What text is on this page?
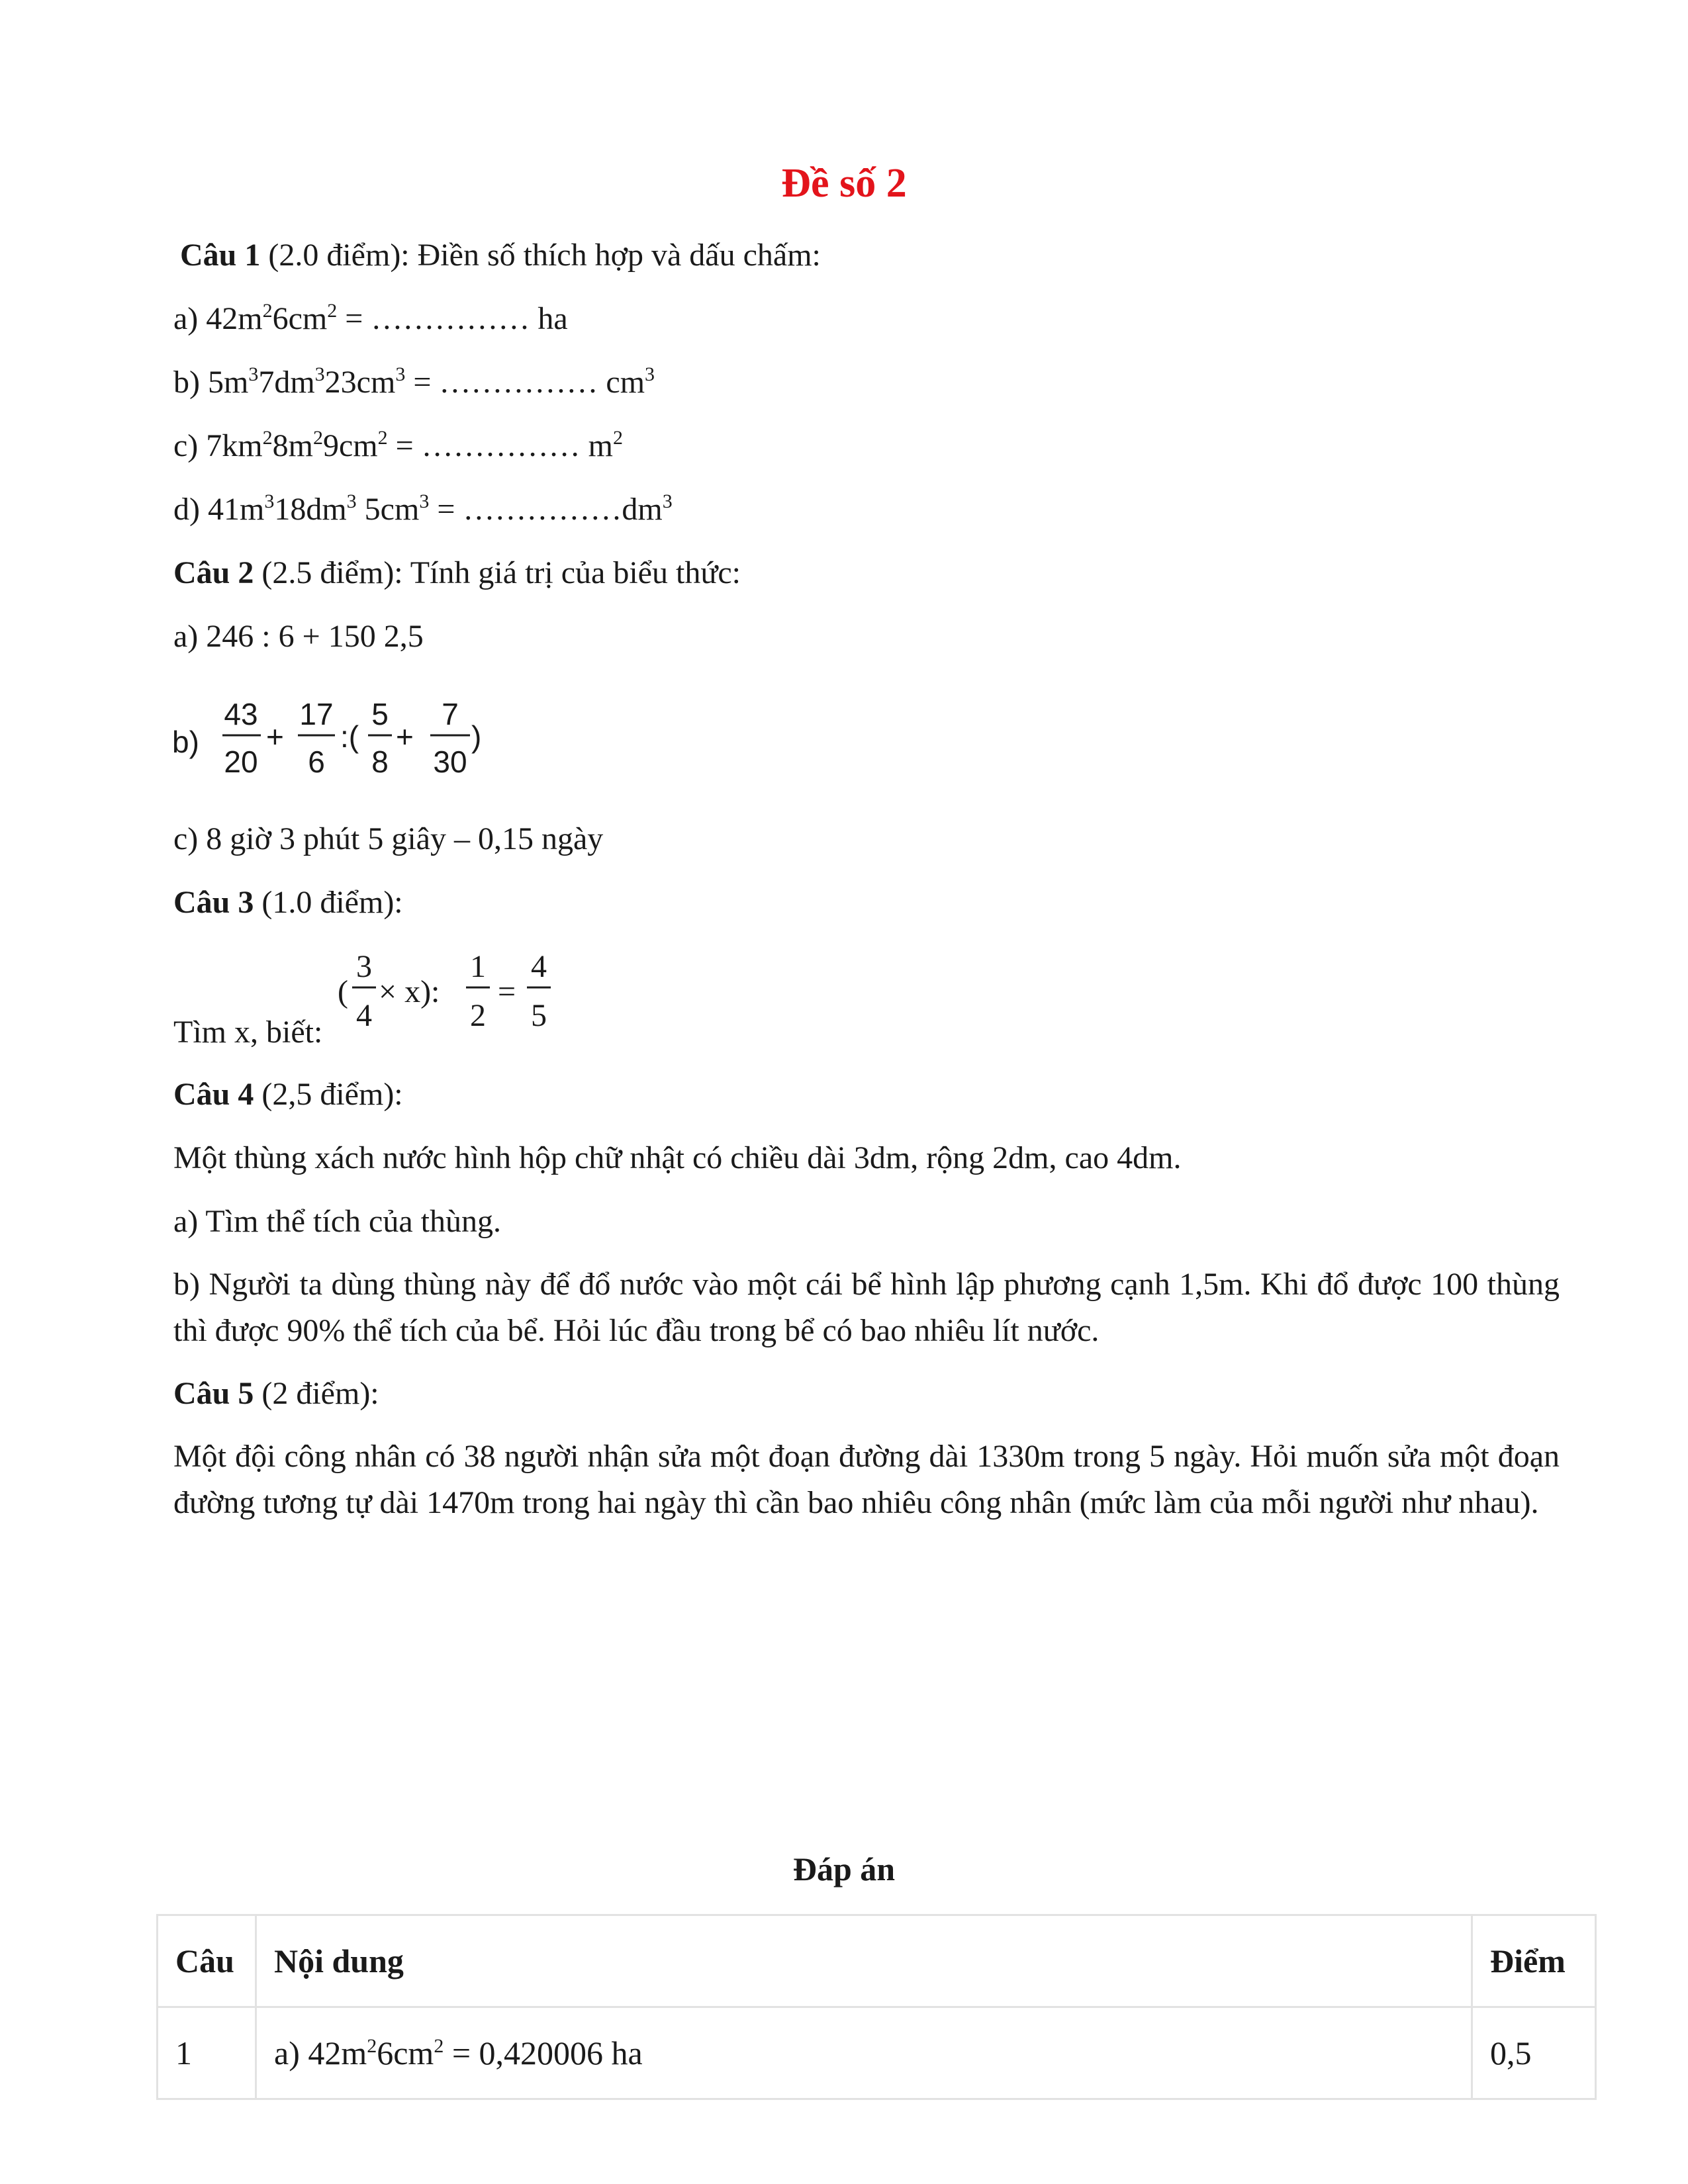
Đề số 2
Câu 1 (2.0 điểm): Điền số thích hợp và dấu chấm:
a) $42m^26cm^2$ = …………… ha
b) $5m^37dm^323cm^3$ = …………… $cm^3$
c) $7km^28m^29cm^2$ = …………… $m^2$
d) $41m^318dm^3$ $5cm^3$ = $\dots\dots\dots\dots\dots dm^3$
Câu 2 (2.5 điểm): Tính giá trị của biểu thức:
a) 246 : 6 + 150 2,5
b)
43
20
+
17
6
:(
5
8
+
7
30
)
c) 8 giờ 3 phút 5 giây – 0,15 ngày
Câu 3 (1.0 điểm):
Tìm x, biết:
(
3
4
× x):
1
2
=
4
5
Câu 4 (2,5 điểm):
Một thùng xách nước hình hộp chữ nhật có chiều dài 3dm, rộng 2dm, cao 4dm.
a) Tìm thể tích của thùng.
b) Người ta dùng thùng này để đổ nước vào một cái bể hình lập phương cạnh 1,5m. Khi đổ được 100 thùng thì được 90% thể tích của bể. Hỏi lúc đầu trong bể có bao nhiêu lít nước.
Câu 5 (2 điểm):
Một đội công nhân có 38 người nhận sửa một đoạn đường dài 1330m trong 5 ngày. Hỏi muốn sửa một đoạn đường tương tự dài 1470m trong hai ngày thì cần bao nhiêu công nhân (mức làm của mỗi người như nhau).
Đáp án
Câu	Nội dung	Điểm
1	a) $42m^26cm^2 = 0,420006$ ha	0,5
